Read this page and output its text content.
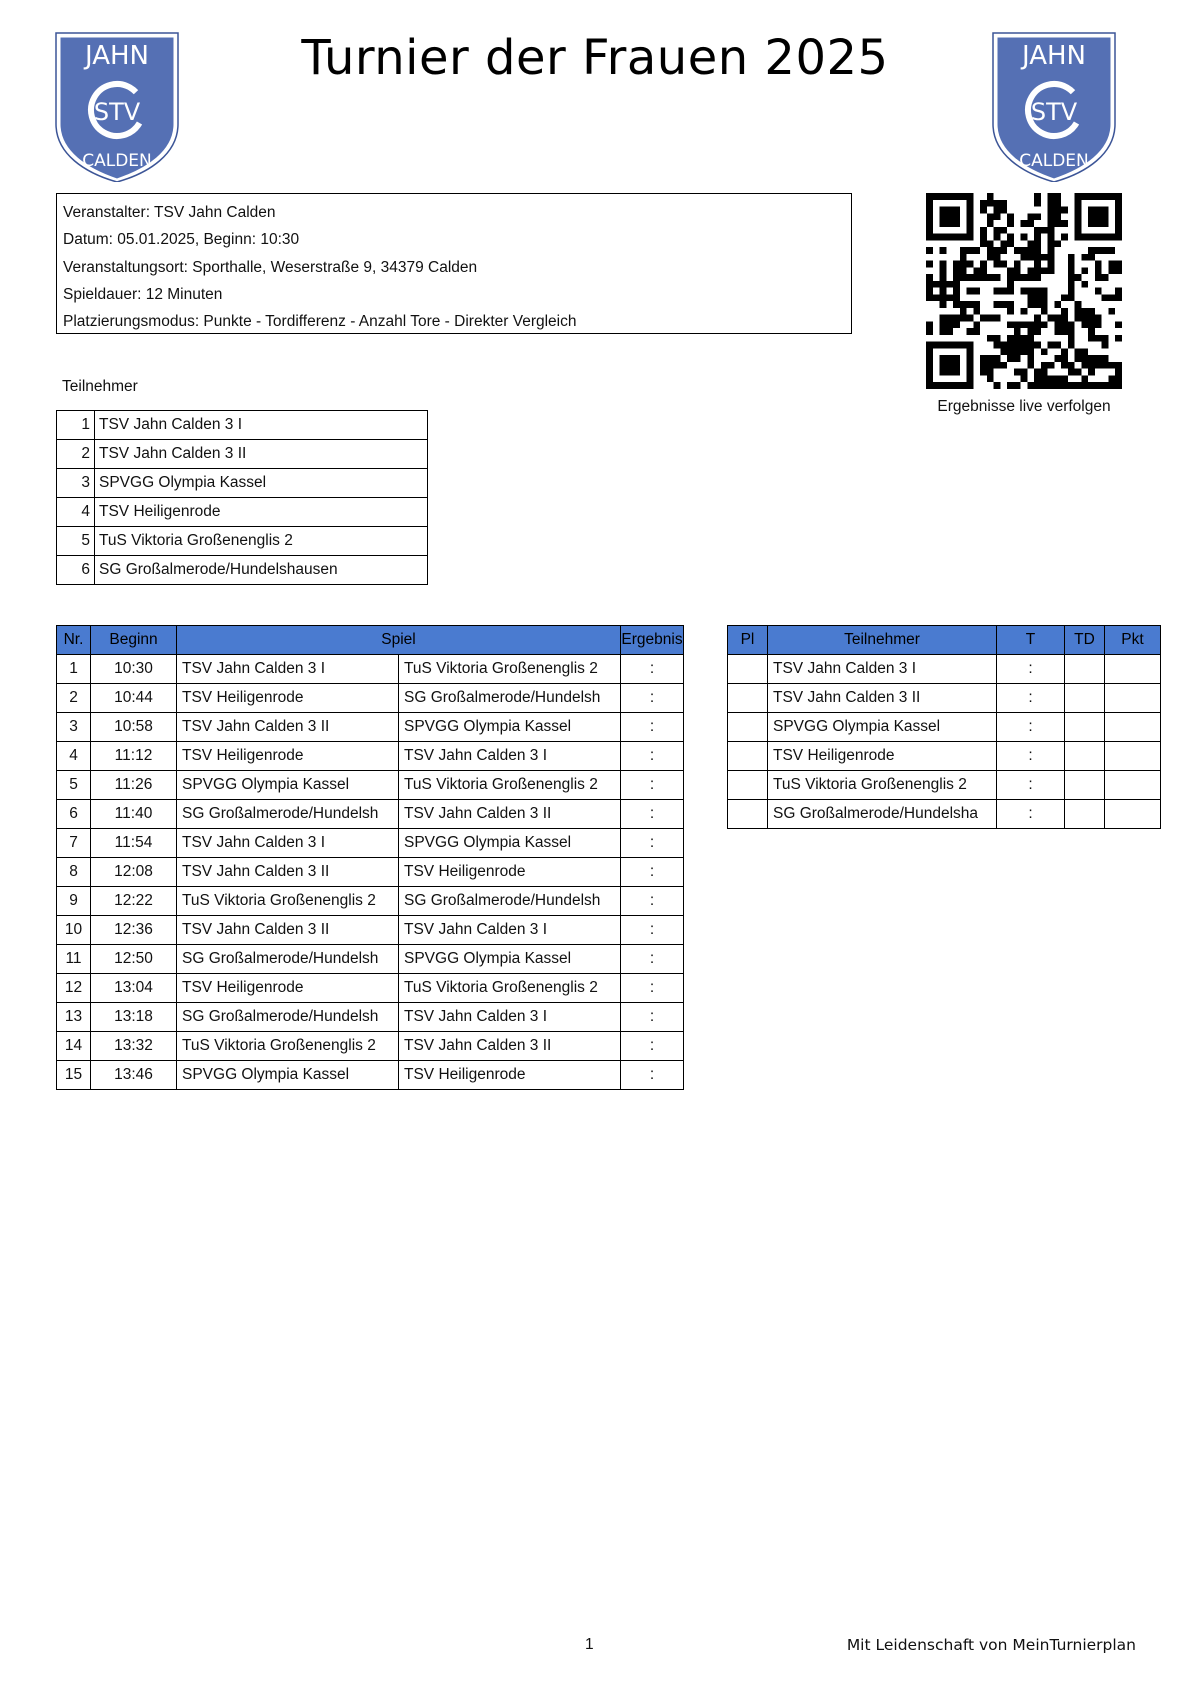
Turnier der Frauen 2025
JAHN
STV
CALDEN
JAHN
STV
CALDEN
Veranstalter: TSV Jahn Calden
Datum: 05.01.2025, Beginn: 10:30
Veranstaltungsort: Sporthalle, Weserstraße 9, 34379 Calden
Spieldauer: 12 Minuten
Platzierungsmodus: Punkte - Tordifferenz - Anzahl Tore - Direkter Vergleich
Ergebnisse live verfolgen
Teilnehmer
1	TSV Jahn Calden 3 I
2	TSV Jahn Calden 3 II
3	SPVGG Olympia Kassel
4	TSV Heiligenrode
5	TuS Viktoria Großenenglis 2
6	SG Großalmerode/Hundelshausen
Nr.	Beginn	Spiel		Ergebnis
1	10:30	TSV Jahn Calden 3 I	TuS Viktoria Großenenglis 2	:
2	10:44	TSV Heiligenrode	SG Großalmerode/Hundelsh	:
3	10:58	TSV Jahn Calden 3 II	SPVGG Olympia Kassel	:
4	11:12	TSV Heiligenrode	TSV Jahn Calden 3 I	:
5	11:26	SPVGG Olympia Kassel	TuS Viktoria Großenenglis 2	:
6	11:40	SG Großalmerode/Hundelsh	TSV Jahn Calden 3 II	:
7	11:54	TSV Jahn Calden 3 I	SPVGG Olympia Kassel	:
8	12:08	TSV Jahn Calden 3 II	TSV Heiligenrode	:
9	12:22	TuS Viktoria Großenenglis 2	SG Großalmerode/Hundelsh	:
10	12:36	TSV Jahn Calden 3 II	TSV Jahn Calden 3 I	:
11	12:50	SG Großalmerode/Hundelsh	SPVGG Olympia Kassel	:
12	13:04	TSV Heiligenrode	TuS Viktoria Großenenglis 2	:
13	13:18	SG Großalmerode/Hundelsh	TSV Jahn Calden 3 I	:
14	13:32	TuS Viktoria Großenenglis 2	TSV Jahn Calden 3 II	:
15	13:46	SPVGG Olympia Kassel	TSV Heiligenrode	:
Pl	Teilnehmer	T	TD	Pkt
	TSV Jahn Calden 3 I	:		
	TSV Jahn Calden 3 II	:		
	SPVGG Olympia Kassel	:		
	TSV Heiligenrode	:		
	TuS Viktoria Großenenglis 2	:		
	SG Großalmerode/Hundelsha	:		
1	Mit Leidenschaft von MeinTurnierplan
